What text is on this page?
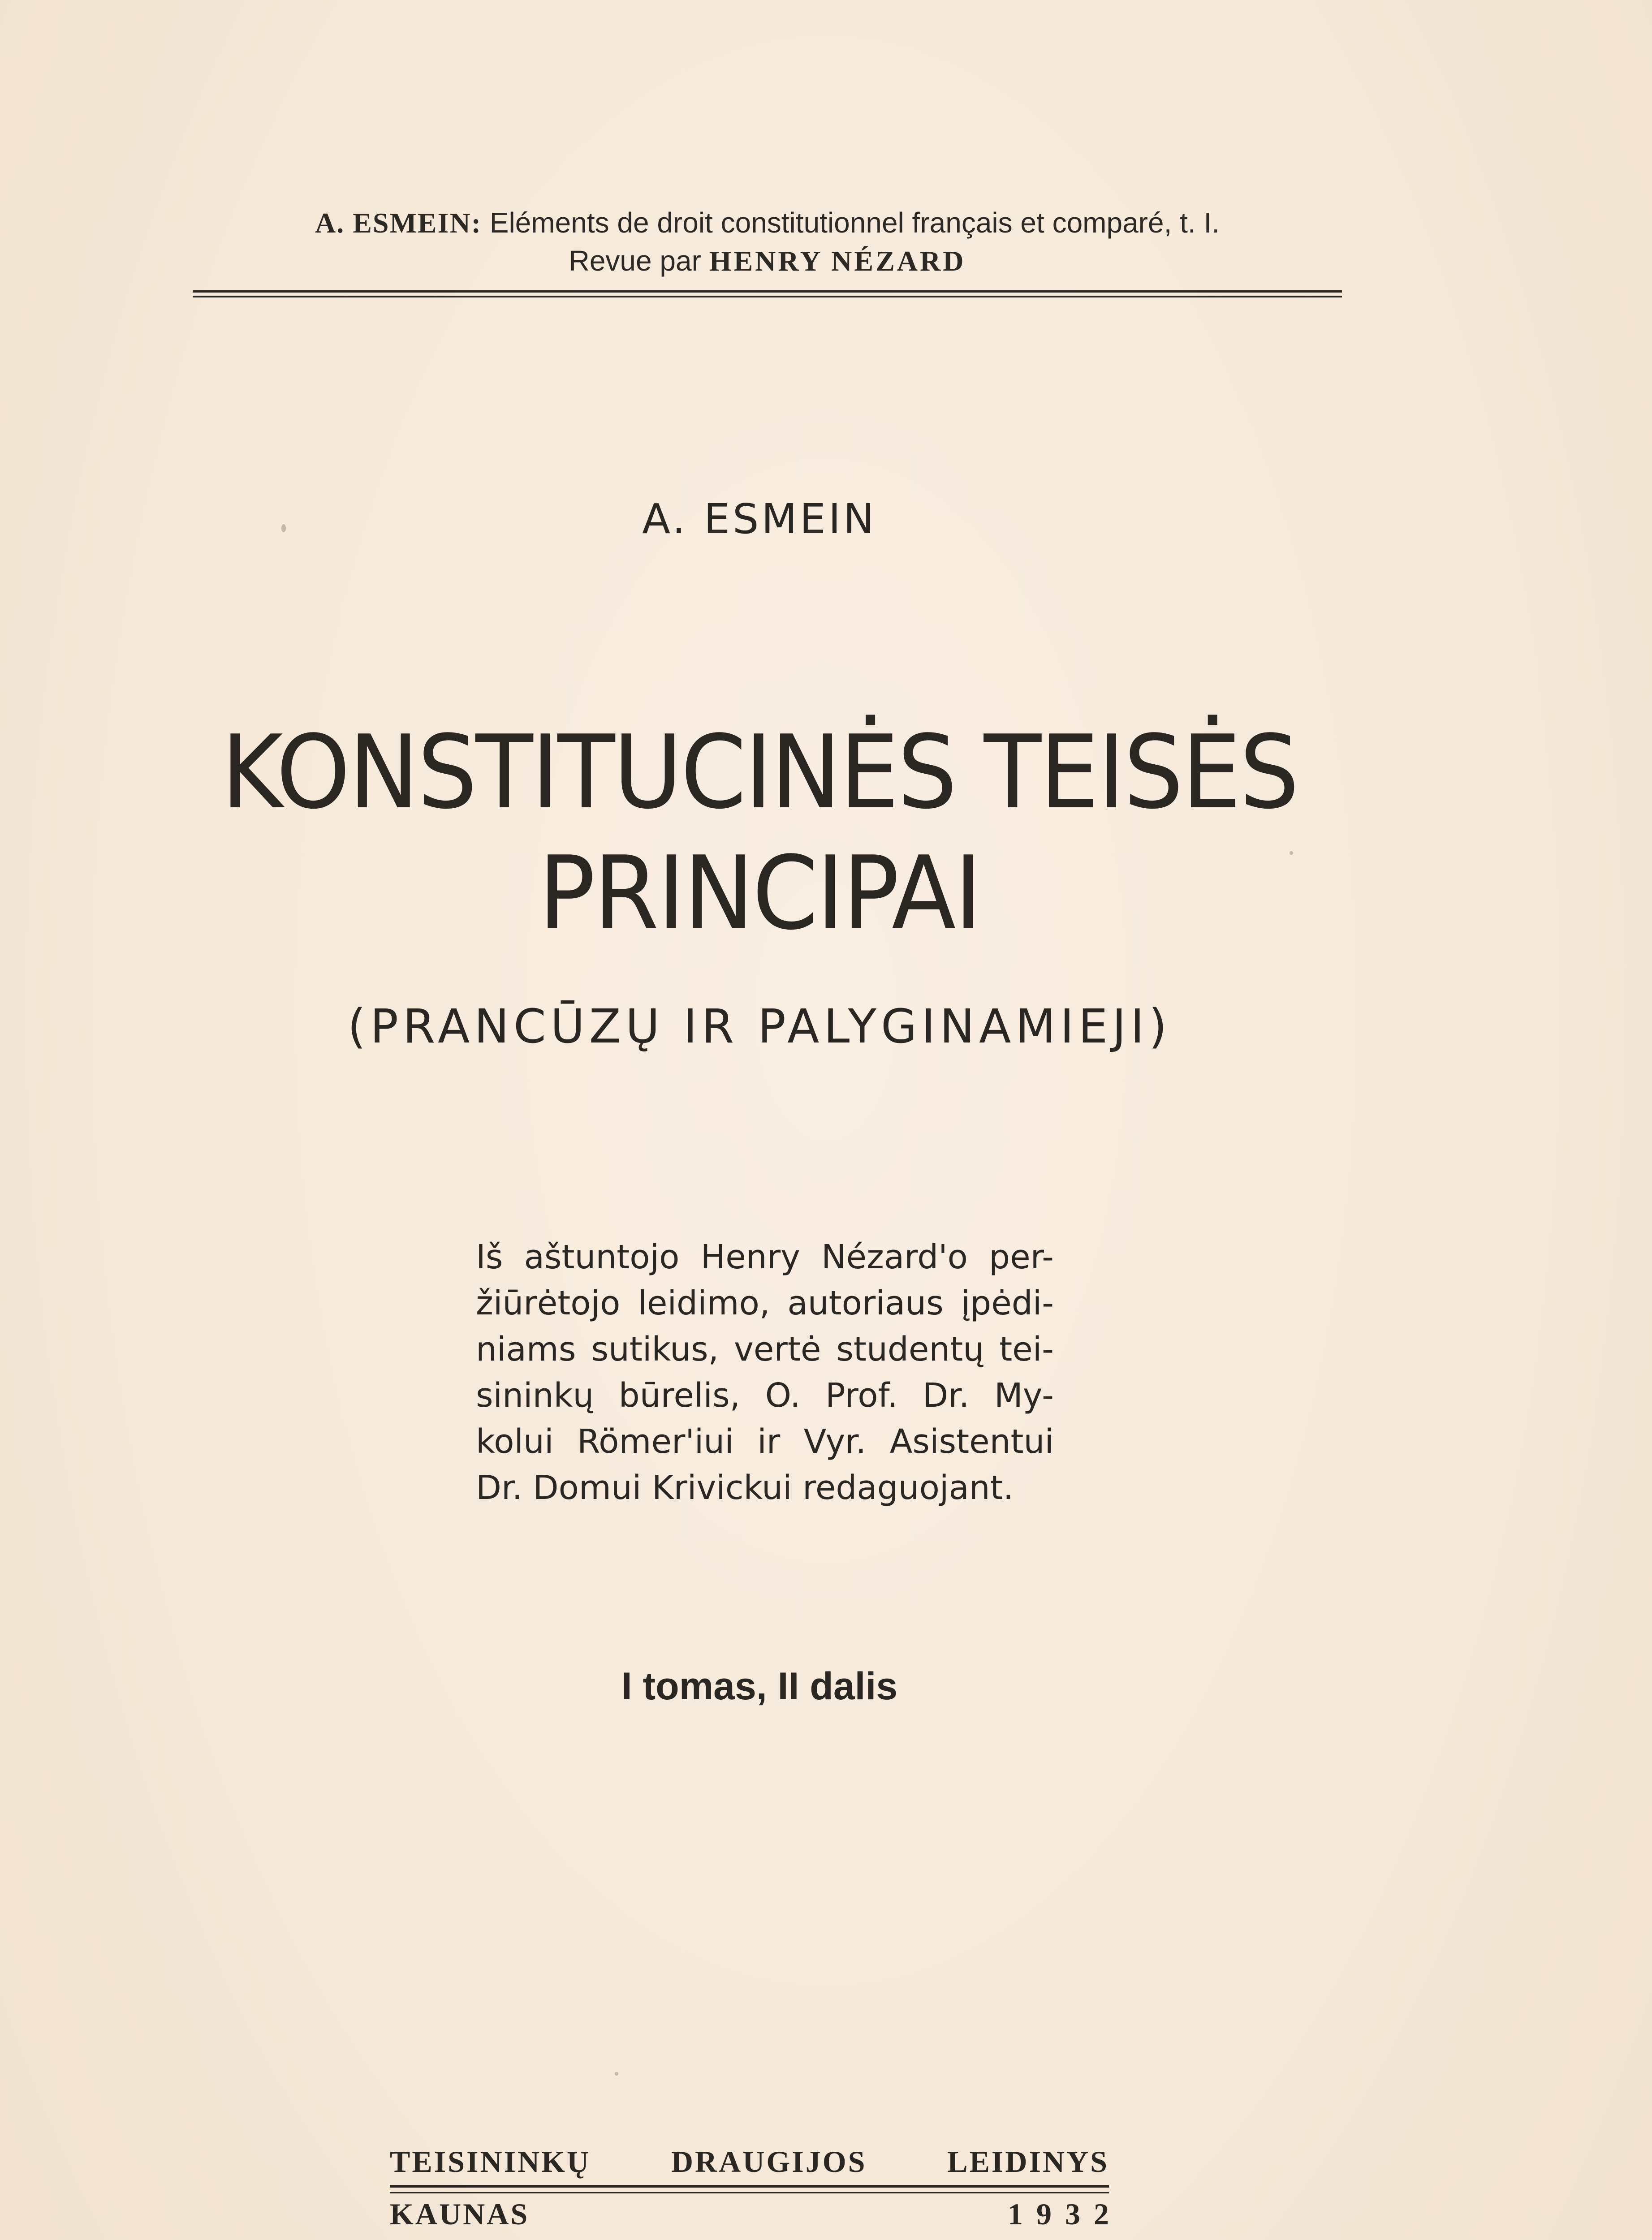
A. ESMEIN: Eléments de droit constitutionnel français et comparé, t. I.
Revue par HENRY NÉZARD
A. ESMEIN
KONSTITUCINĖS TEISĖS
PRINCIPAI
(PRANCŪZŲ IR PALYGINAMIEJI)
Iš aštuntojo Henry Nézard'o per-
žiūrėtojo leidimo, autoriaus įpėdi-
niams sutikus, vertė studentų tei-
sininkų būrelis, O. Prof. Dr. My-
kolui Römer'iui ir Vyr. Asistentui
Dr. Domui Krivickui redaguojant.
I tomas, II dalis
TEISININKŲ DRAUGIJOS LEIDINYS
KAUNAS	1932
